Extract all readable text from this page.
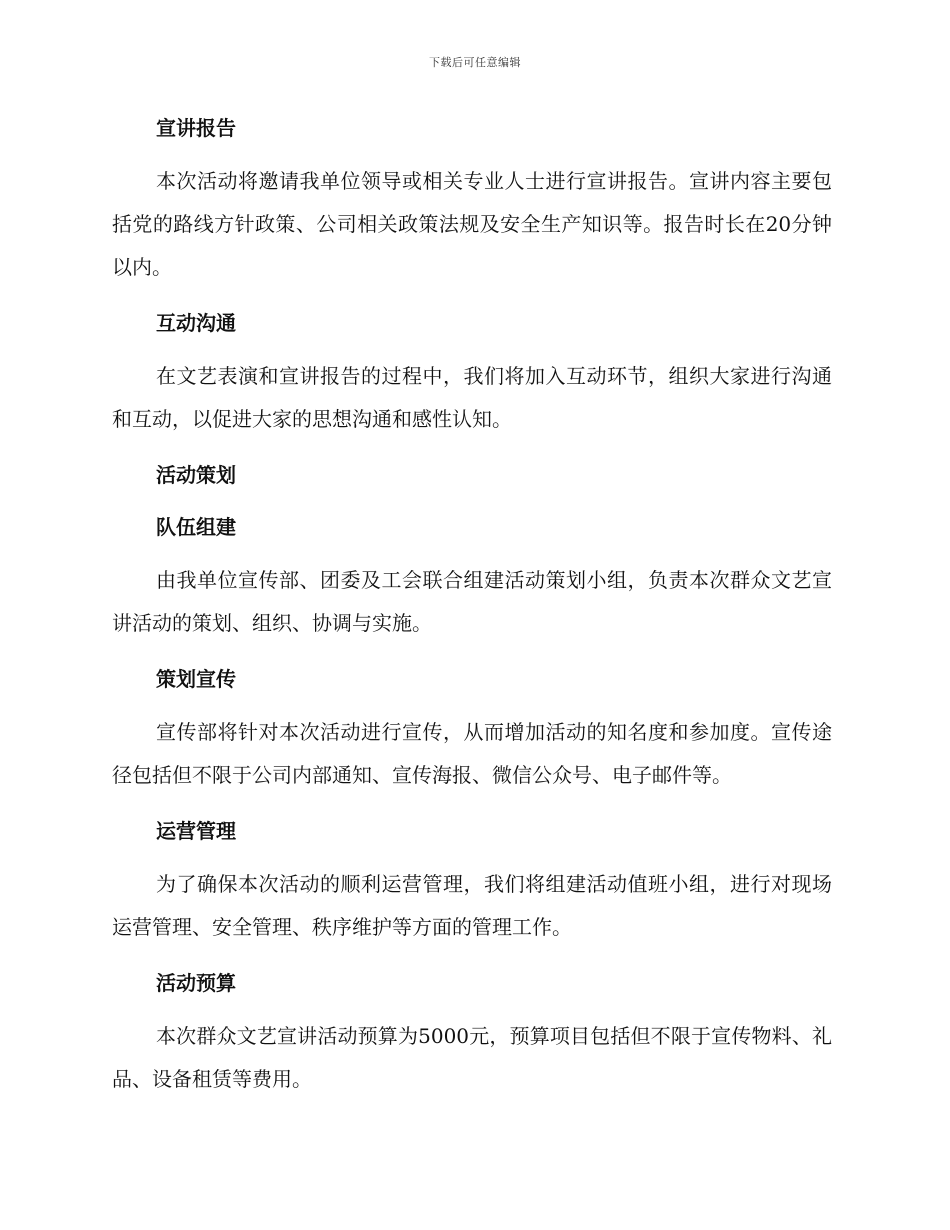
下载后可任意编辑
宣讲报告

本次活动将邀请我单位领导或相关专业人士进行宣讲报告。宣讲内容主要包括党的路线方针政策、公司相关政策法规及安全生产知识等。报告时长在20分钟以内。

互动沟通

在文艺表演和宣讲报告的过程中，我们将加入互动环节，组织大家进行沟通和互动，以促进大家的思想沟通和感性认知。

活动策划
队伍组建

由我单位宣传部、团委及工会联合组建活动策划小组，负责本次群众文艺宣讲活动的策划、组织、协调与实施。

策划宣传

宣传部将针对本次活动进行宣传，从而增加活动的知名度和参加度。宣传途径包括但不限于公司内部通知、宣传海报、微信公众号、电子邮件等。

运营管理

为了确保本次活动的顺利运营管理，我们将组建活动值班小组，进行对现场运营管理、安全管理、秩序维护等方面的管理工作。

活动预算

本次群众文艺宣讲活动预算为5000元，预算项目包括但不限于宣传物料、礼品、设备租赁等费用。
